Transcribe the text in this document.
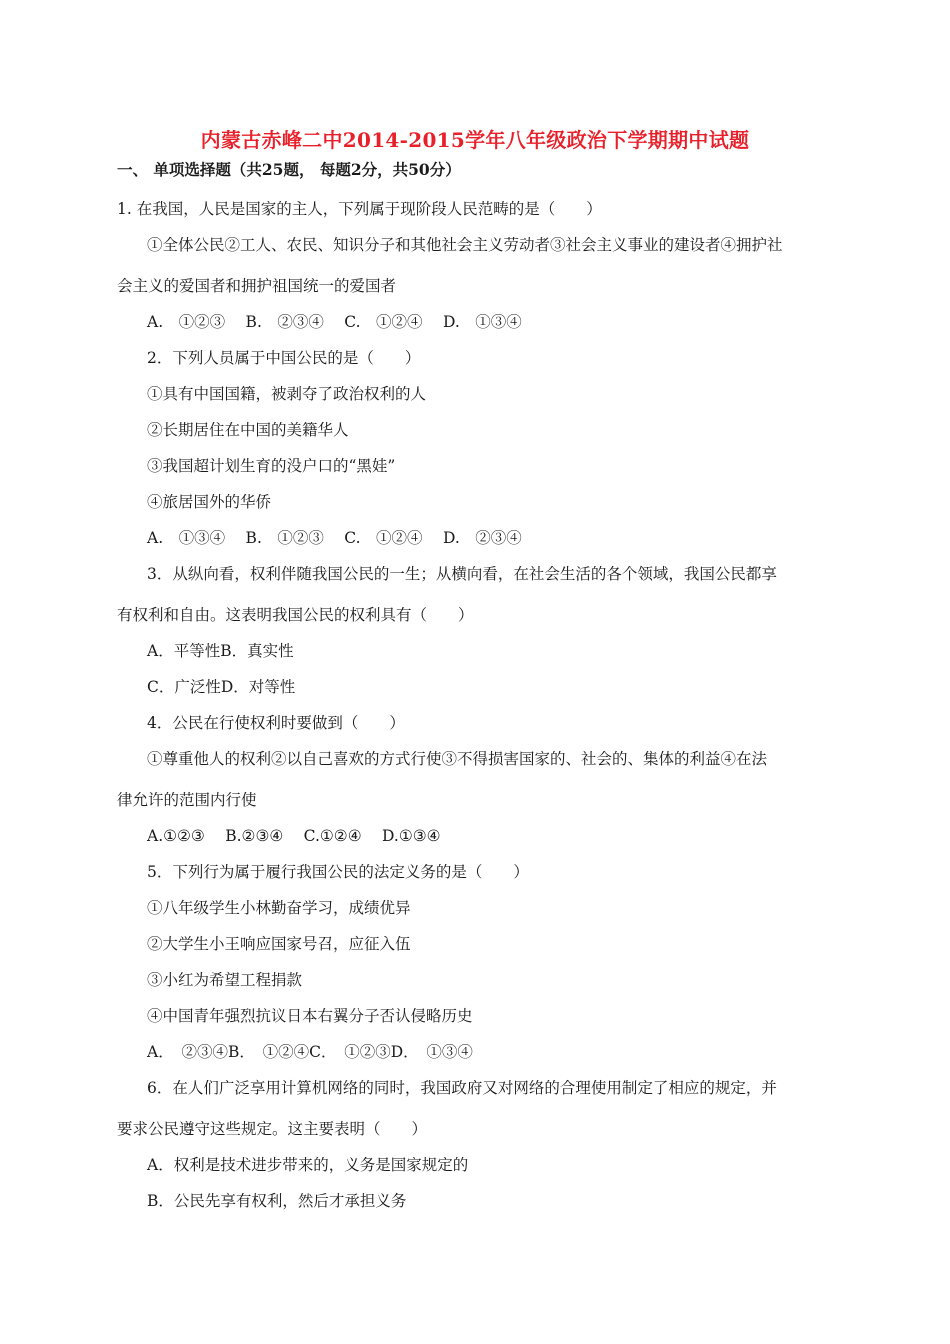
内蒙古赤峰二中2014-2015学年八年级政治下学期期中试题
一、 单项选择题（共25题， 每题2分，共50分）
1. 在我国，人民是国家的主人，下列属于现阶段人民范畴的是（　　）
①全体公民②工人、农民、知识分子和其他社会主义劳动者③社会主义事业的建设者④拥护社
会主义的爱国者和拥护祖国统一的爱国者
A.　①②③　 B.　②③④　 C.　①②④　 D.　①③④
2．下列人员属于中国公民的是（　　）
①具有中国国籍，被剥夺了政治权利的人
②长期居住在中国的美籍华人
③我国超计划生育的没户口的“黑娃”
④旅居国外的华侨
A.　①③④　 B.　①②③　 C.　①②④　 D.　②③④
3．从纵向看，权利伴随我国公民的一生；从横向看，在社会生活的各个领域，我国公民都享
有权利和自由。这表明我国公民的权利具有（　　）
A．平等性B．真实性
C．广泛性D．对等性
4．公民在行使权利时要做到（　　）
①尊重他人的权利②以自己喜欢的方式行使③不得损害国家的、社会的、集体的利益④在法
律允许的范围内行使
A.①②③　 B.②③④　 C.①②④　 D.①③④
5．下列行为属于履行我国公民的法定义务的是（　　）
①八年级学生小林勤奋学习，成绩优异
②大学生小王响应国家号召，应征入伍
③小红为希望工程捐款
④中国青年强烈抗议日本右翼分子否认侵略历史
A．　②③④B．　①②④C．　①②③D．　①③④
6．在人们广泛享用计算机网络的同时，我国政府又对网络的合理使用制定了相应的规定，并
要求公民遵守这些规定。这主要表明（　　）
A．权利是技术进步带来的，义务是国家规定的
B．公民先享有权利，然后才承担义务
